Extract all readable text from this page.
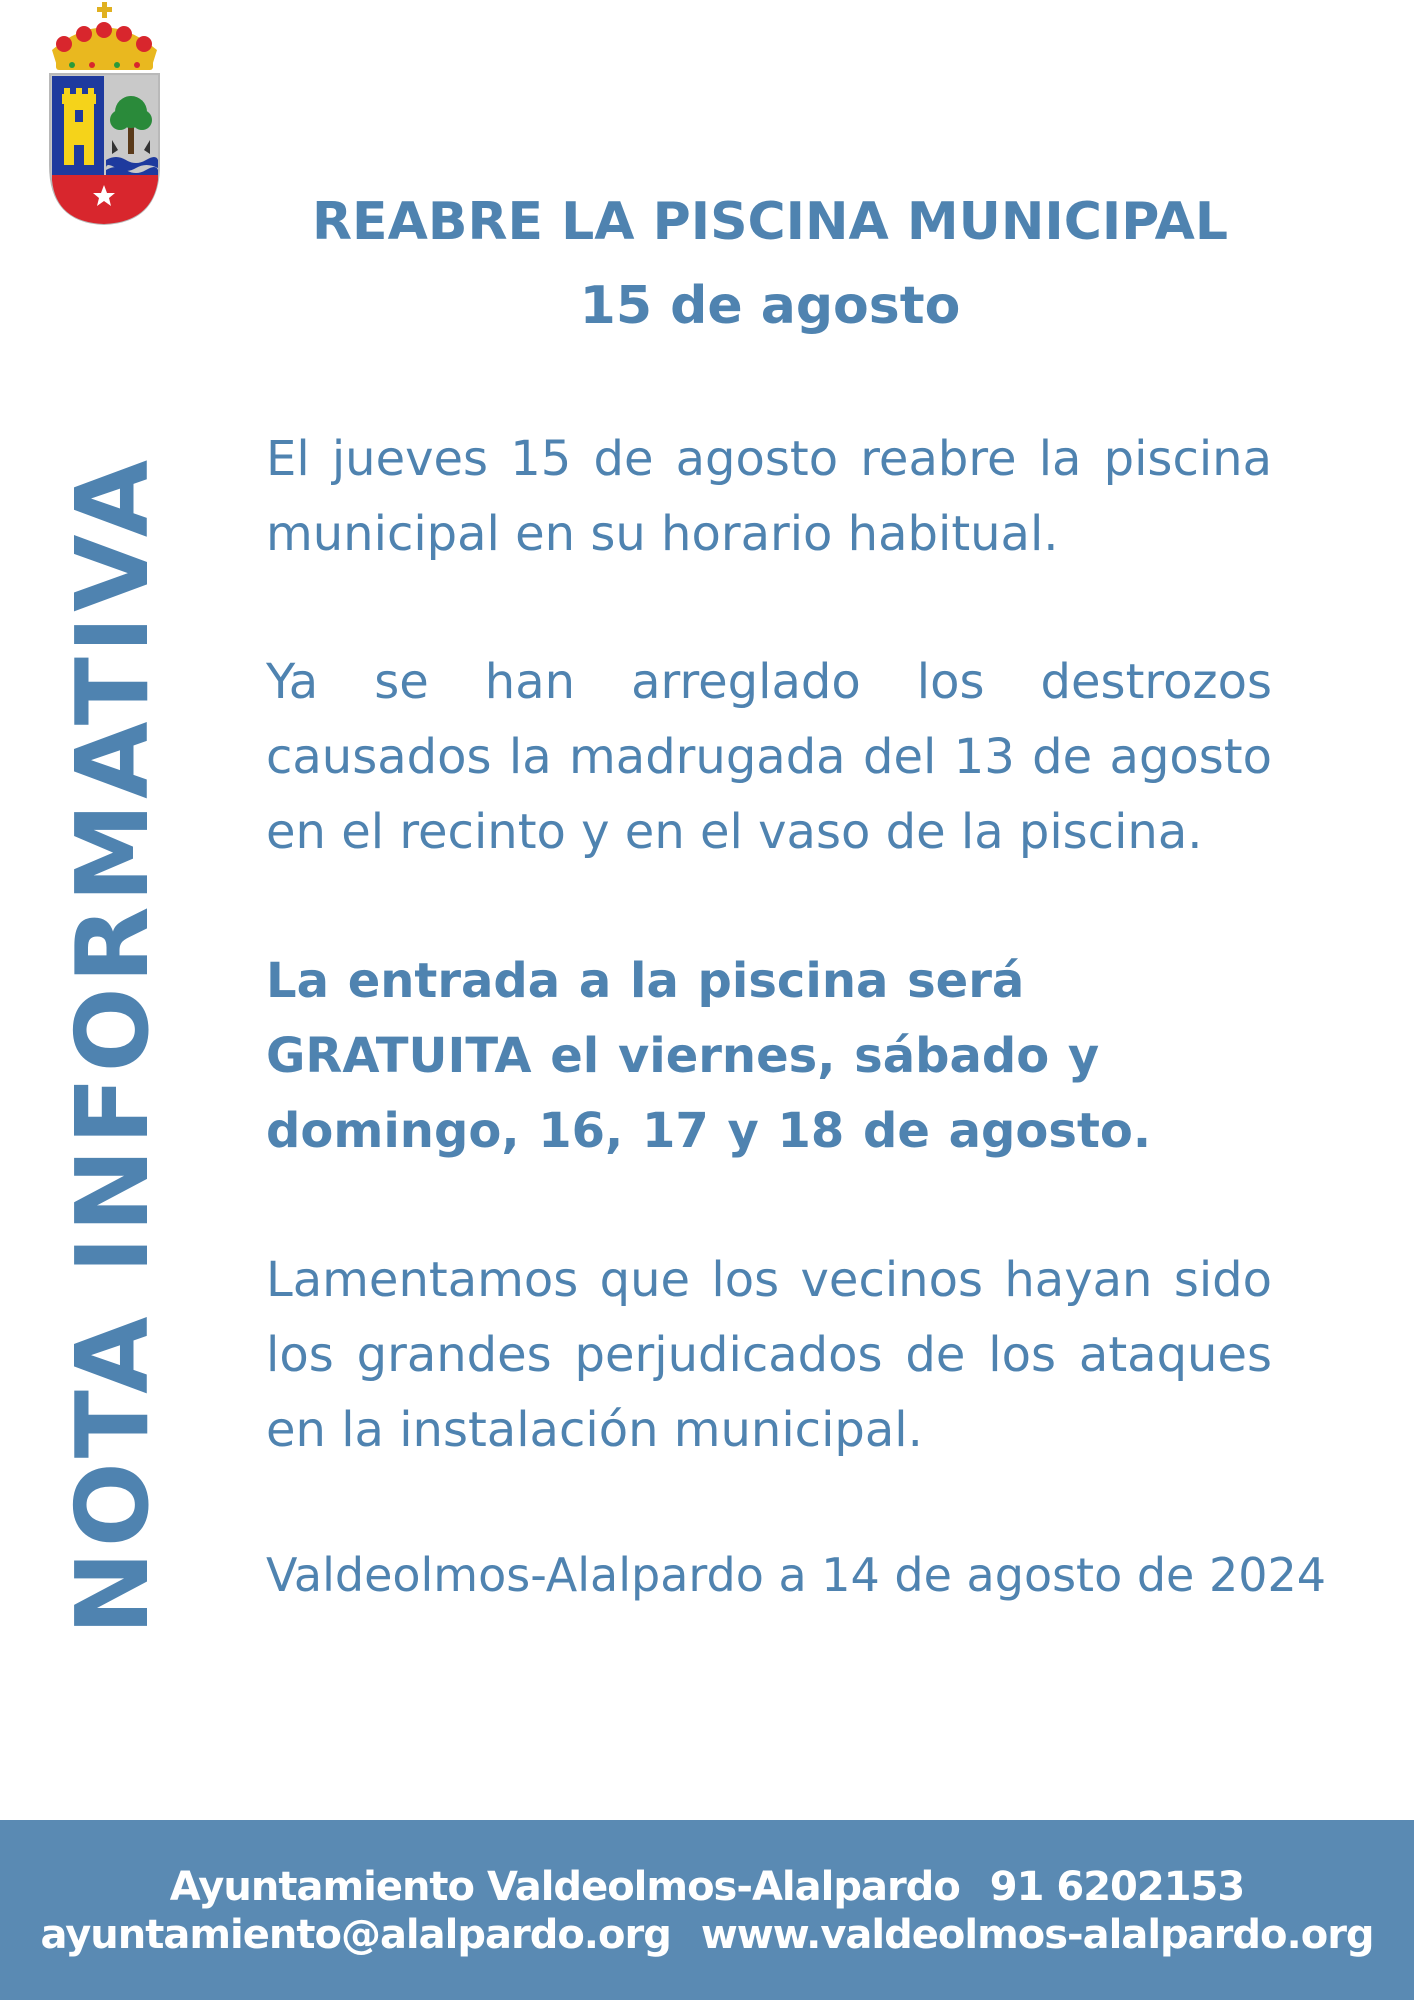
NOTA INFORMATIVA
REABRE LA PISCINA MUNICIPAL
15 de agosto
El jueves 15 de agosto reabre la piscina municipal en su horario habitual.
Ya se han arreglado los destrozos causados la madrugada del 13 de agosto en el recinto y en el vaso de la piscina.
La entrada a la piscina será GRATUITA el viernes, sábado y domingo, 16, 17 y 18 de agosto.
Lamentamos que los vecinos hayan sido los grandes perjudicados de los ataques en la instalación municipal.
Valdeolmos-Alalpardo a 14 de agosto de 2024
Ayuntamiento Valdeolmos-Alalpardo 91 6202153
ayuntamiento@alalpardo.org www.valdeolmos-alalpardo.org
